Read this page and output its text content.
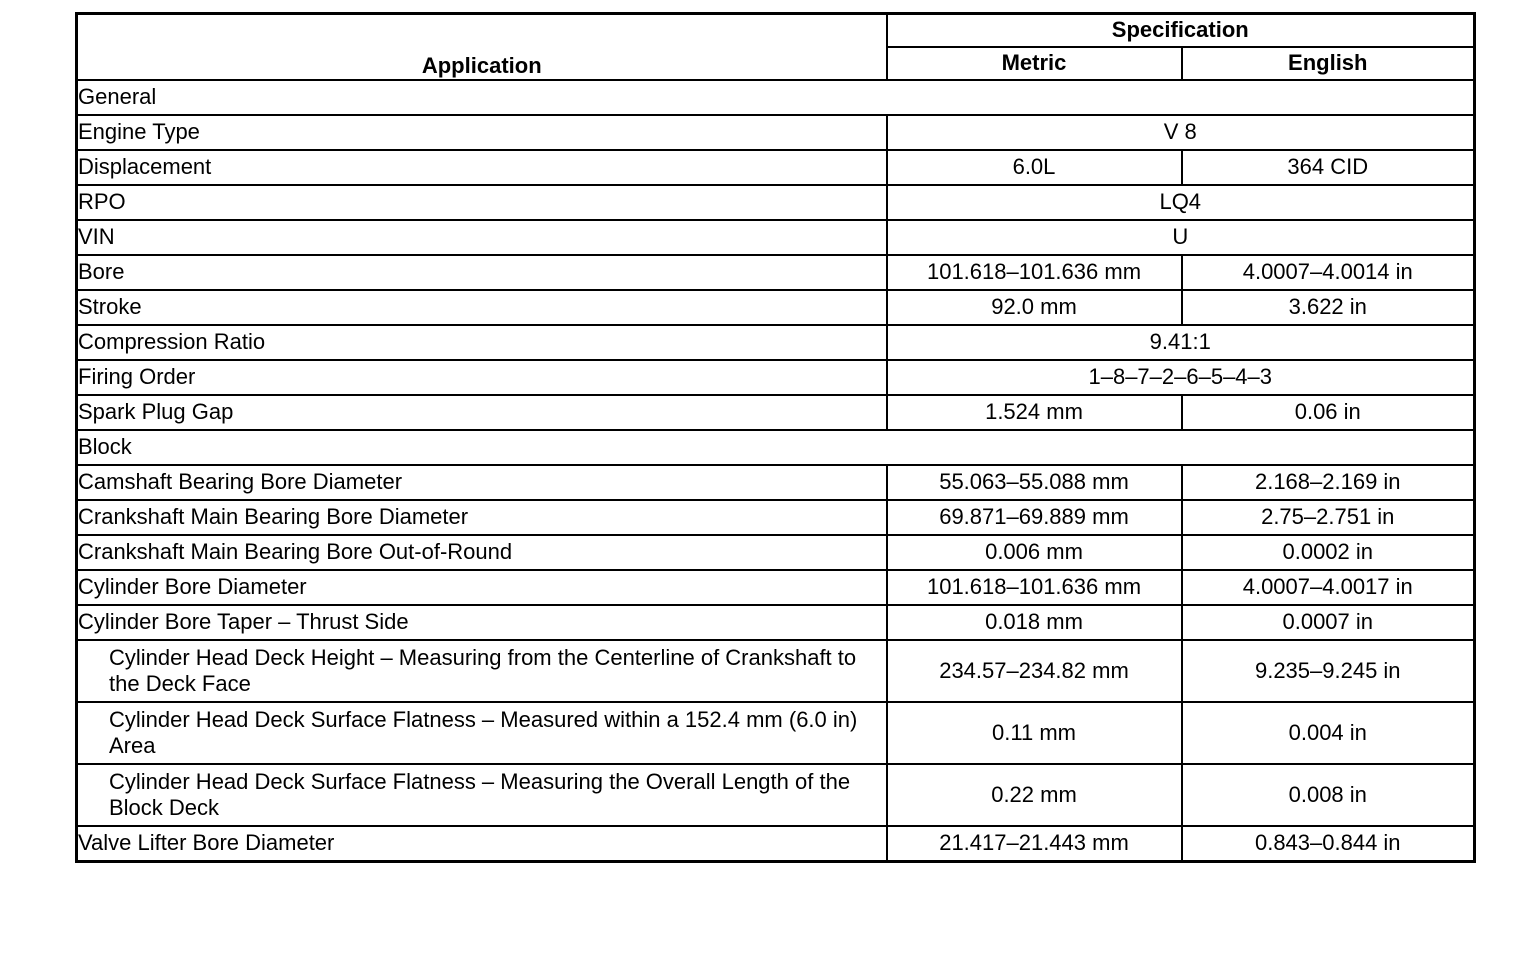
Application	Specification	
	Metric	English
General		
Engine Type	V 8	
Displacement	6.0L	364 CID
RPO	LQ4	
VIN	U	
Bore	101.618–101.636 mm	4.0007–4.0014 in
Stroke	92.0 mm	3.622 in
Compression Ratio	9.41:1	
Firing Order	1–8–7–2–6–5–4–3	
Spark Plug Gap	1.524 mm	0.06 in
Block		
Camshaft Bearing Bore Diameter	55.063–55.088 mm	2.168–2.169 in
Crankshaft Main Bearing Bore Diameter	69.871–69.889 mm	2.75–2.751 in
Crankshaft Main Bearing Bore Out-of-Round	0.006 mm	0.0002 in
Cylinder Bore Diameter	101.618–101.636 mm	4.0007–4.0017 in
Cylinder Bore Taper – Thrust Side	0.018 mm	0.0007 in
Cylinder Head Deck Height – Measuring from the Centerline of Crankshaft to the Deck Face	234.57–234.82 mm	9.235–9.245 in
Cylinder Head Deck Surface Flatness – Measured within a 152.4 mm (6.0 in) Area	0.11 mm	0.004 in
Cylinder Head Deck Surface Flatness – Measuring the Overall Length of the Block Deck	0.22 mm	0.008 in
Valve Lifter Bore Diameter	21.417–21.443 mm	0.843–0.844 in
